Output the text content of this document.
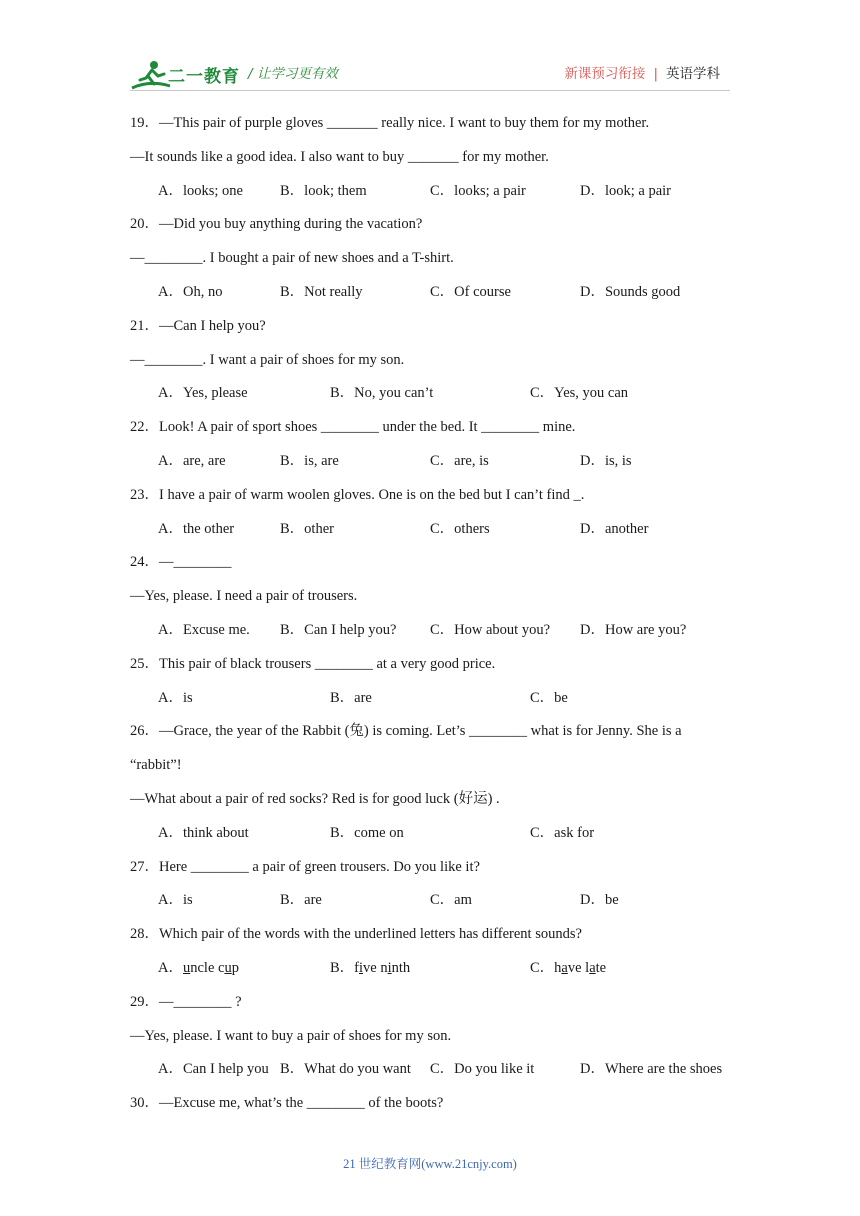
二一教育 / 让学习更有效	新课预习衔接 | 英语学科
19．—This pair of purple gloves _______ really nice. I want to buy them for my mother.
—It sounds like a good idea. I also want to buy _______ for my mother.
A．looks; one	B．look; them	C．looks; a pair	D．look; a pair
20．—Did you buy anything during the vacation?
—________. I bought a pair of new shoes and a T-shirt.
A．Oh, no	B．Not really	C．Of course	D．Sounds good
21．—Can I help you?
—________. I want a pair of shoes for my son.
A．Yes, please	B．No, you can’t	C．Yes, you can
22．Look! A pair of sport shoes ________ under the bed. It ________ mine.
A．are, are	B．is, are	C．are, is	D．is, is
23．I have a pair of warm woolen gloves. One is on the bed but I can’t find _.
A．the other	B．other	C．others	D．another
24．—________
—Yes, please. I need a pair of trousers.
A．Excuse me. B．Can I help you? C．How about you? D．How are you?
25．This pair of black trousers ________ at a very good price.
A．is	B．are	C．be
26．—Grace, the year of the Rabbit (兔) is coming. Let’s ________ what is for Jenny. She is a
“rabbit”!
—What about a pair of red socks? Red is for good luck (好运) .
A．think about	B．come on	C．ask for
27．Here ________ a pair of green trousers. Do you like it?
A．is	B．are	C．am	D．be
28．Which pair of the words with the underlined letters has different sounds?
A．uncle cup	B．five ninth	C．have late
29．—________ ?
—Yes, please. I want to buy a pair of shoes for my son.
A．Can I help you B．What do you want C．Do you like it	D．Where are the shoes
30．—Excuse me, what’s the ________ of the boots?
21 世纪教育网(www.21cnjy.com)
